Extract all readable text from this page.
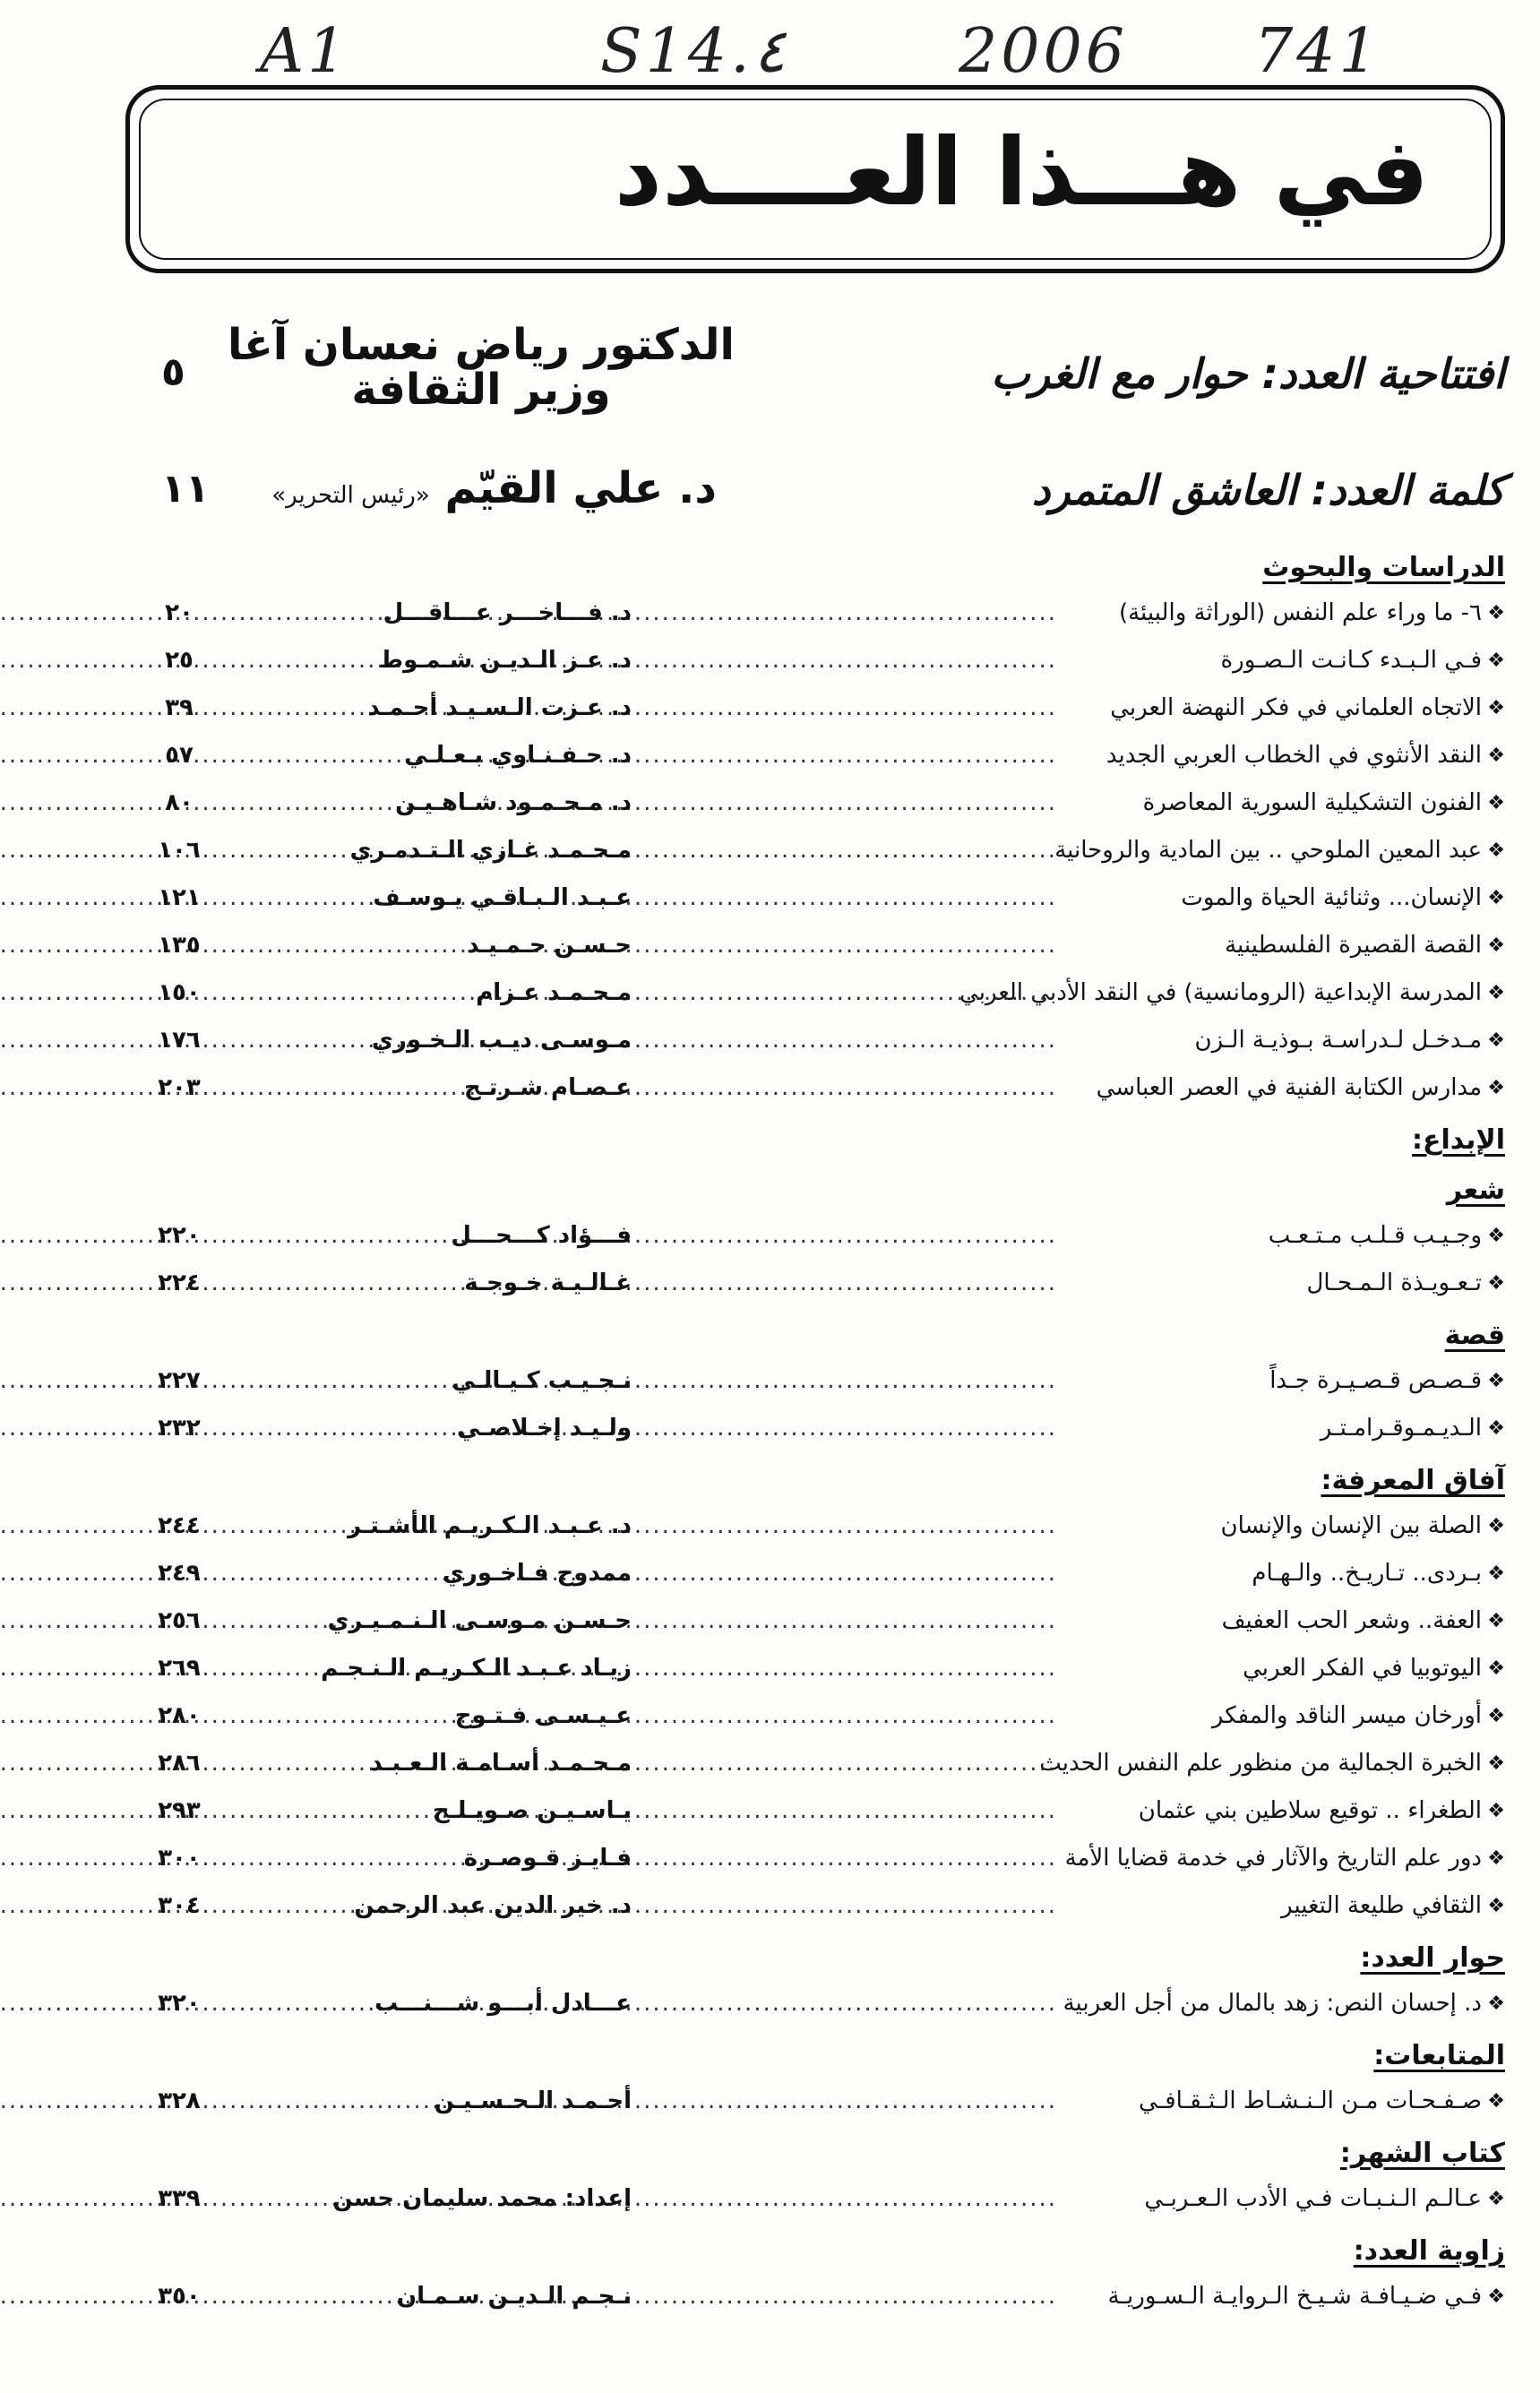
A1	S14.٤	2006 741
في هـــذا العــــدد
افتتاحية العدد: حوار مع الغرب
الدكتور رياض نعسان آغا
وزير الثقافة
٥
كلمة العدد: العاشق المتمرد
د. علي القيّم «رئيس التحرير»
١١
الدراسات والبحوث
❖
٦- ما وراء علم النفس (الوراثة والبيئة)
.....
د. فـــاخـــر عـــاقـــل
٢٠
❖
فـي الـبـدء كـانـت الـصـورة
.....
د. عـز الـديـن شـمـوط
٢٥
❖
الاتجاه العلماني في فكر النهضة العربي
.....
د. عـزت الـسـيـد أحـمـد
٣٩
❖
النقد الأنثوي في الخطاب العربي الجديد
.....
د. حـفـنـاوي بـعـلـي
٥٧
❖
الفنون التشكيلية السورية المعاصرة
.....
د. مـحـمـود شـاهـيـن
٨٠
❖
عبد المعين الملوحي .. بين المادية والروحانية
.....
مـحـمـد غـازي الـتـدمـري
١٠٦
❖
الإنسان... وثنائية الحياة والموت
.....
عـبـد الـبـاقـي يـوسـف
١٢١
❖
القصة القصيرة الفلسطينية
.....
حـسـن حـمـيـد
١٣٥
❖
المدرسة الإبداعية (الرومانسية) في النقد الأدبي العربي
.....
مـحـمـد عـزام
١٥٠
❖
مـدخـل لـدراسـة بـوذيـة الـزن
.....
مـوسـى ديـب الـخـوري
١٧٦
❖
مدارس الكتابة الفنية في العصر العباسي
.....
عـصـام شـرتـح
٢٠٣
الإبداع:
شعر
❖
وجـيـب قـلـب مـتـعـب
.....
فـــؤاد كـــحـــل
٢٢٠
❖
تـعـويـذة الـمـحـال
.....
غـالـيـة خـوجـة
٢٢٤
قصة
❖
قـصـص قـصـيـرة جـداً
.....
نـجـيـب كـيـالـي
٢٢٧
❖
الـديـمـوقـرامـتـر
.....
ولـيـد إخـلاصـي
٢٣٢
آفاق المعرفة:
❖
الصلة بين الإنسان والإنسان
.....
د. عـبـد الـكـريـم الأشـتـر
٢٤٤
❖
بـردى.. تـاريـخ.. والـهـام
.....
ممدوح فـاخـوري
٢٤٩
❖
العفة.. وشعر الحب العفيف
.....
حـسـن مـوسـى الـنـمـيـري
٢٥٦
❖
اليوتوبيا في الفكر العربي
.....
زيـاد عـبـد الـكـريـم الـنـجـم
٢٦٩
❖
أورخان ميسر الناقد والمفكر
.....
عـيـسـى فـتـوح
٢٨٠
❖
الخبرة الجمالية من منظور علم النفس الحديث
.....
مـحـمـد أسـامـة الـعـبـد
٢٨٦
❖
الطغراء .. توقيع سلاطين بني عثمان
.....
يـاسـيـن صـويـلـح
٢٩٣
❖
دور علم التاريخ والآثار في خدمة قضايا الأمة
.....
فـايـز قـوصـرة
٣٠٠
❖
الثقافي طليعة التغيير
.....
د. خير الدين عبد الرحمن
٣٠٤
حوار العدد:
❖
د. إحسان النص: زهد بالمال من أجل العربية
.....
عـــادل أبـــو شـــنـــب
٣٢٠
المتابعات:
❖
صـفـحـات مـن الـنـشـاط الـثـقـافـي
.....
أحـمـد الـحـسـيـن
٣٢٨
كتاب الشهر:
❖
عـالـم الـنـبـات فـي الأدب الـعـربـي
.....
إعداد: محمد سليمان حسن
٣٣٩
زاوية العدد:
❖
فـي ضـيـافـة شـيـخ الـروايـة الـسـوريـة
.....
نـجـم الـديـن سـمـان
٣٥٠
